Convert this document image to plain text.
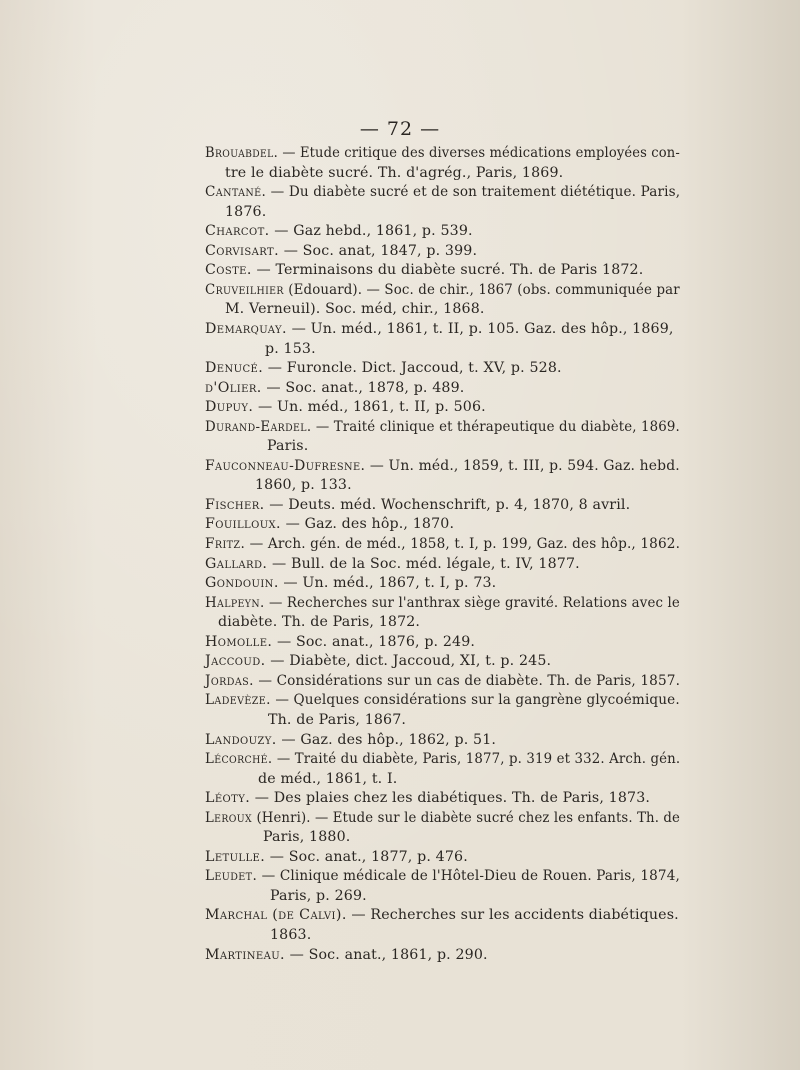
— 72 —
Brouabdel. — Etude critique des diverses médications employées con-
tre le diabète sucré. Th. d'agrég., Paris, 1869.
Cantané. — Du diabète sucré et de son traitement diététique. Paris,
1876.
Charcot. — Gaz hebd., 1861, p. 539.
Corvisart. — Soc. anat, 1847, p. 399.
Coste. — Terminaisons du diabète sucré. Th. de Paris 1872.
Cruveilhier (Edouard). — Soc. de chir., 1867 (obs. communiquée par
M. Verneuil). Soc. méd, chir., 1868.
Demarquay. — Un. méd., 1861, t. II, p. 105. Gaz. des hôp., 1869,
p. 153.
Denucé. — Furoncle. Dict. Jaccoud, t. XV, p. 528.
d'Olier. — Soc. anat., 1878, p. 489.
Dupuy. — Un. méd., 1861, t. II, p. 506.
Durand-Eardel. — Traité clinique et thérapeutique du diabète, 1869.
Paris.
Fauconneau-Dufresne. — Un. méd., 1859, t. III, p. 594. Gaz. hebd.
1860, p. 133.
Fischer. — Deuts. méd. Wochenschrift, p. 4, 1870, 8 avril.
Fouilloux. — Gaz. des hôp., 1870.
Fritz. — Arch. gén. de méd., 1858, t. I, p. 199, Gaz. des hôp., 1862.
Gallard. — Bull. de la Soc. méd. légale, t. IV, 1877.
Gondouin. — Un. méd., 1867, t. I, p. 73.
Halpeyn. — Recherches sur l'anthrax siège gravité. Relations avec le
diabète. Th. de Paris, 1872.
Homolle. — Soc. anat., 1876, p. 249.
Jaccoud. — Diabète, dict. Jaccoud, XI, t. p. 245.
Jordas. — Considérations sur un cas de diabète. Th. de Paris, 1857.
Ladevèze. — Quelques considérations sur la gangrène glycoémique.
Th. de Paris, 1867.
Landouzy. — Gaz. des hôp., 1862, p. 51.
Lécorché. — Traité du diabète, Paris, 1877, p. 319 et 332. Arch. gén.
de méd., 1861, t. I.
Léoty. — Des plaies chez les diabétiques. Th. de Paris, 1873.
Leroux (Henri). — Etude sur le diabète sucré chez les enfants. Th. de
Paris, 1880.
Letulle. — Soc. anat., 1877, p. 476.
Leudet. — Clinique médicale de l'Hôtel-Dieu de Rouen. Paris, 1874,
Paris, p. 269.
Marchal (de Calvi). — Recherches sur les accidents diabétiques.
1863.
Martineau. — Soc. anat., 1861, p. 290.
